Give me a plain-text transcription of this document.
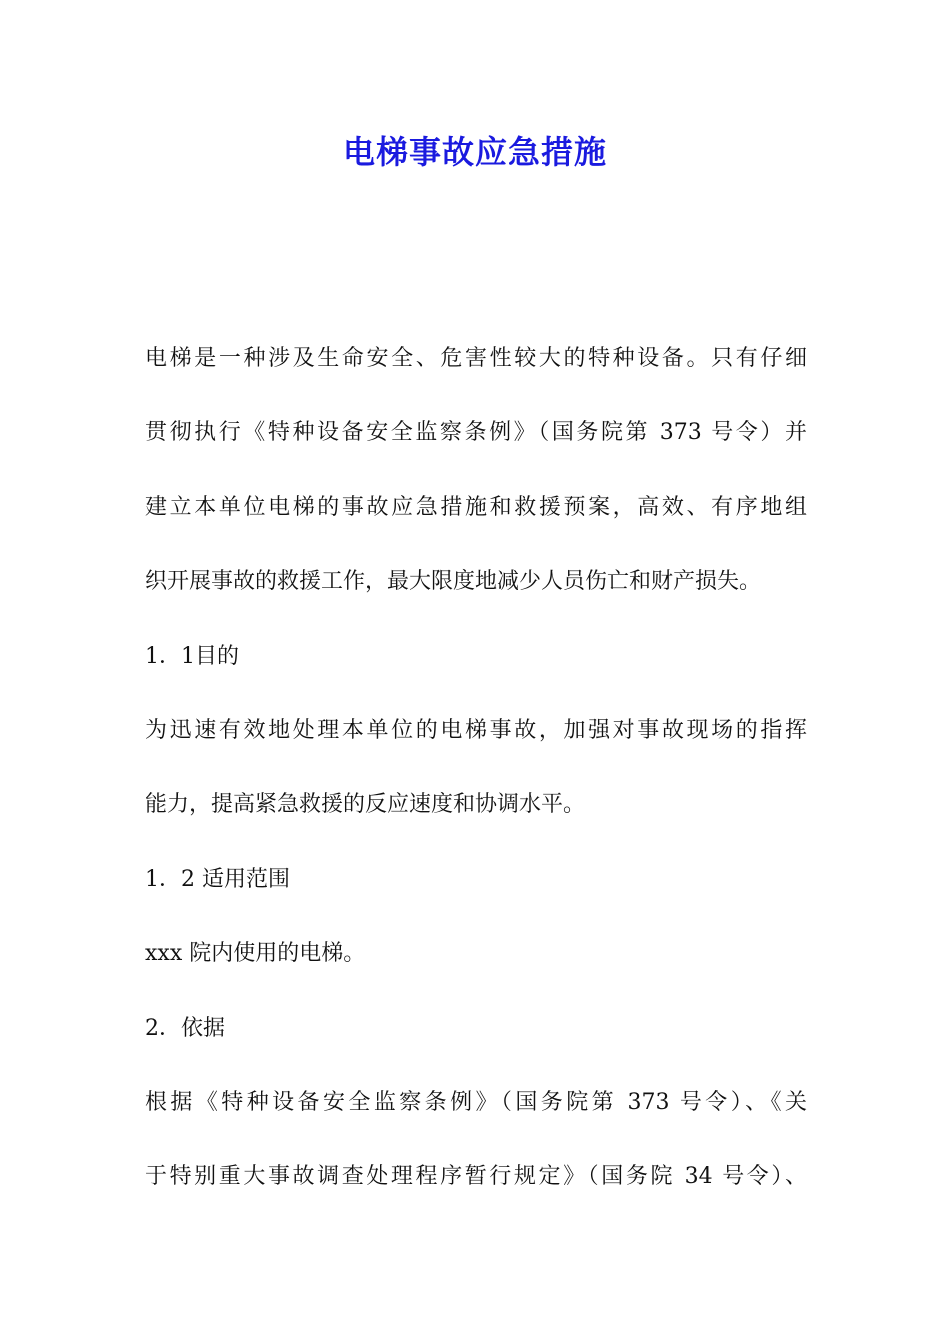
电梯事故应急措施
电梯是一种涉及生命安全、危害性较大的特种设备。只有仔细
贯彻执行《特种设备安全监察条例》（国务院第 373 号令）并
建立本单位电梯的事故应急措施和救援预案，高效、有序地组
织开展事故的救援工作，最大限度地减少人员伤亡和财产损失。
1．1目的
为迅速有效地处理本单位的电梯事故，加强对事故现场的指挥
能力，提高紧急救援的反应速度和协调水平。
1．2 适用范围
xxx 院内使用的电梯。
2．依据
根据《特种设备安全监察条例》（国务院第 373 号令）、《关
于特别重大事故调查处理程序暂行规定》（国务院 34 号令）、
